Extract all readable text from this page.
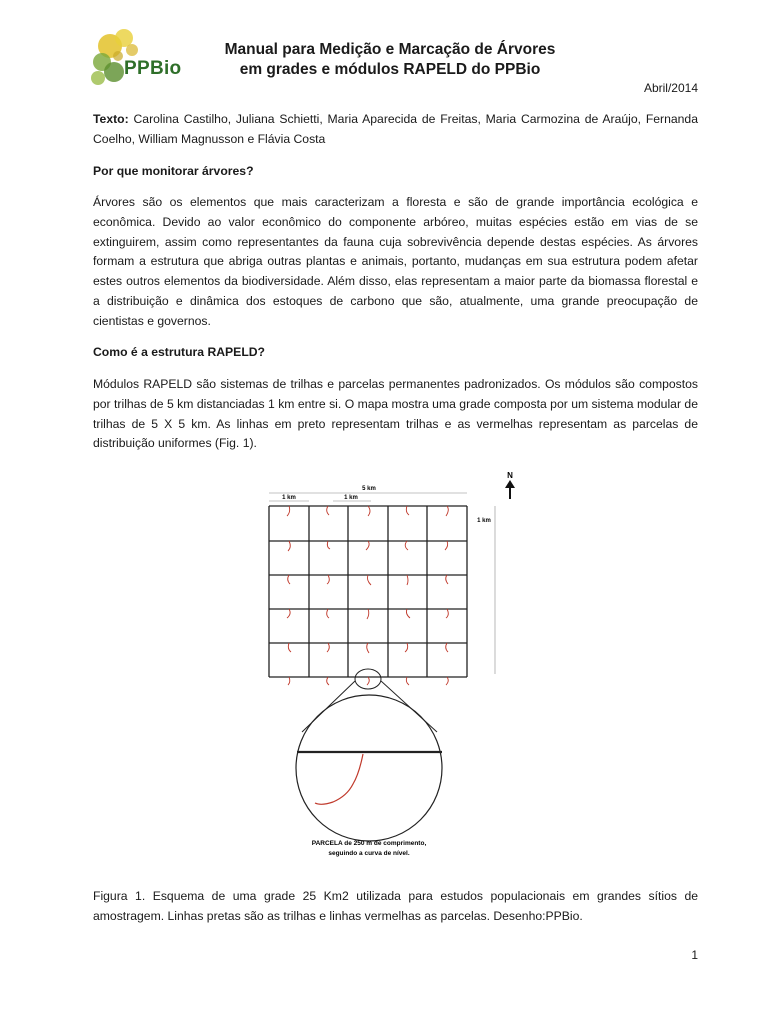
PPBio
Manual para Medição e Marcação de Árvores
em grades e módulos RAPELD do PPBio
Abril/2014
Texto: Carolina Castilho, Juliana Schietti, Maria Aparecida de Freitas, Maria Carmozina de Araújo, Fernanda Coelho, William Magnusson e Flávia Costa
Por que monitorar árvores?
Árvores são os elementos que mais caracterizam a floresta e são de grande importância ecológica e econômica. Devido ao valor econômico do componente arbóreo, muitas espécies estão em vias de se extinguirem, assim como representantes da fauna cuja sobrevivência depende destas espécies. As árvores formam a estrutura que abriga outras plantas e animais, portanto, mudanças em sua estrutura podem afetar estes outros elementos da biodiversidade. Além disso, elas representam a maior parte da biomassa florestal e a distribuição e dinâmica dos estoques de carbono que são, atualmente, uma grande preocupação de cientistas e governos.
Como é a estrutura RAPELD?
Módulos RAPELD são sistemas de trilhas e parcelas permanentes padronizados. Os módulos são compostos por trilhas de 5 km distanciadas 1 km entre si. O mapa mostra uma grade composta por um sistema modular de trilhas de 5 X 5 km. As linhas em preto representam trilhas e as vermelhas representam as parcelas de distribuição uniformes (Fig. 1).
N
5 km
1 km	1 km
1 km
PARCELA de 250 m de comprimento,
seguindo a curva de nível.
Figura 1. Esquema de uma grade 25 Km2 utilizada para estudos populacionais em grandes sítios de amostragem. Linhas pretas são as trilhas e linhas vermelhas as parcelas. Desenho:PPBio.
1
